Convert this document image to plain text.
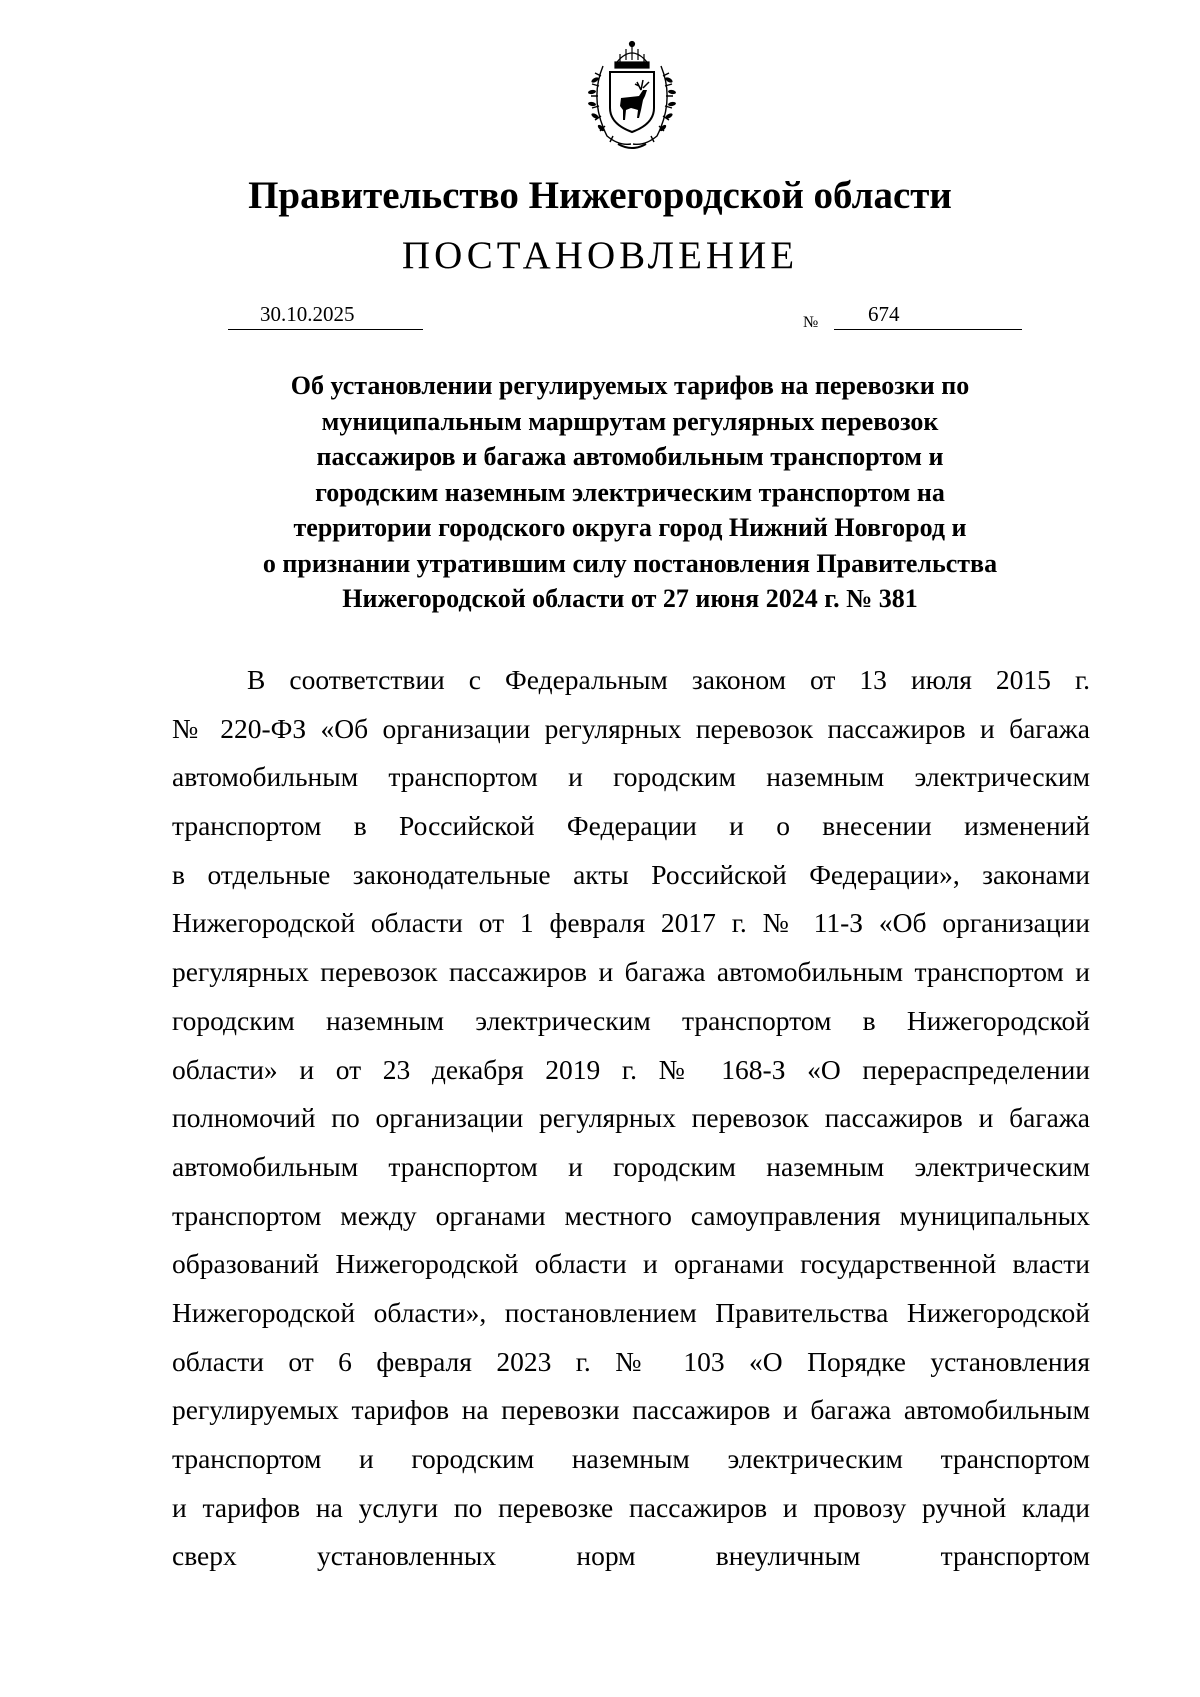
Правительство Нижегородской области
ПОСТАНОВЛЕНИЕ
30.10.2025	№ 674
Об установлении регулируемых тарифов на перевозки по
муниципальным маршрутам регулярных перевозок
пассажиров и багажа автомобильным транспортом и
городским наземным электрическим транспортом на
территории городского округа город Нижний Новгород и
о признании утратившим силу постановления Правительства
Нижегородской области от 27 июня 2024 г. № 381
В соответствии с Федеральным законом от 13 июля 2015 г.
№ 220-ФЗ «Об организации регулярных перевозок пассажиров и багажа
автомобильным транспортом и городским наземным электрическим
транспортом в Российской Федерации и о внесении изменений
в отдельные законодательные акты Российской Федерации», законами
Нижегородской области от 1 февраля 2017 г. № 11-З «Об организации
регулярных перевозок пассажиров и багажа автомобильным транспортом и
городским наземным электрическим транспортом в Нижегородской
области» и от 23 декабря 2019 г. № 168-З «О перераспределении
полномочий по организации регулярных перевозок пассажиров и багажа
автомобильным транспортом и городским наземным электрическим
транспортом между органами местного самоуправления муниципальных
образований Нижегородской области и органами государственной власти
Нижегородской области», постановлением Правительства Нижегородской
области от 6 февраля 2023 г. № 103 «О Порядке установления
регулируемых тарифов на перевозки пассажиров и багажа автомобильным
транспортом и городским наземным электрическим транспортом
и тарифов на услуги по перевозке пассажиров и провозу ручной клади
сверх установленных норм внеуличным транспортом
